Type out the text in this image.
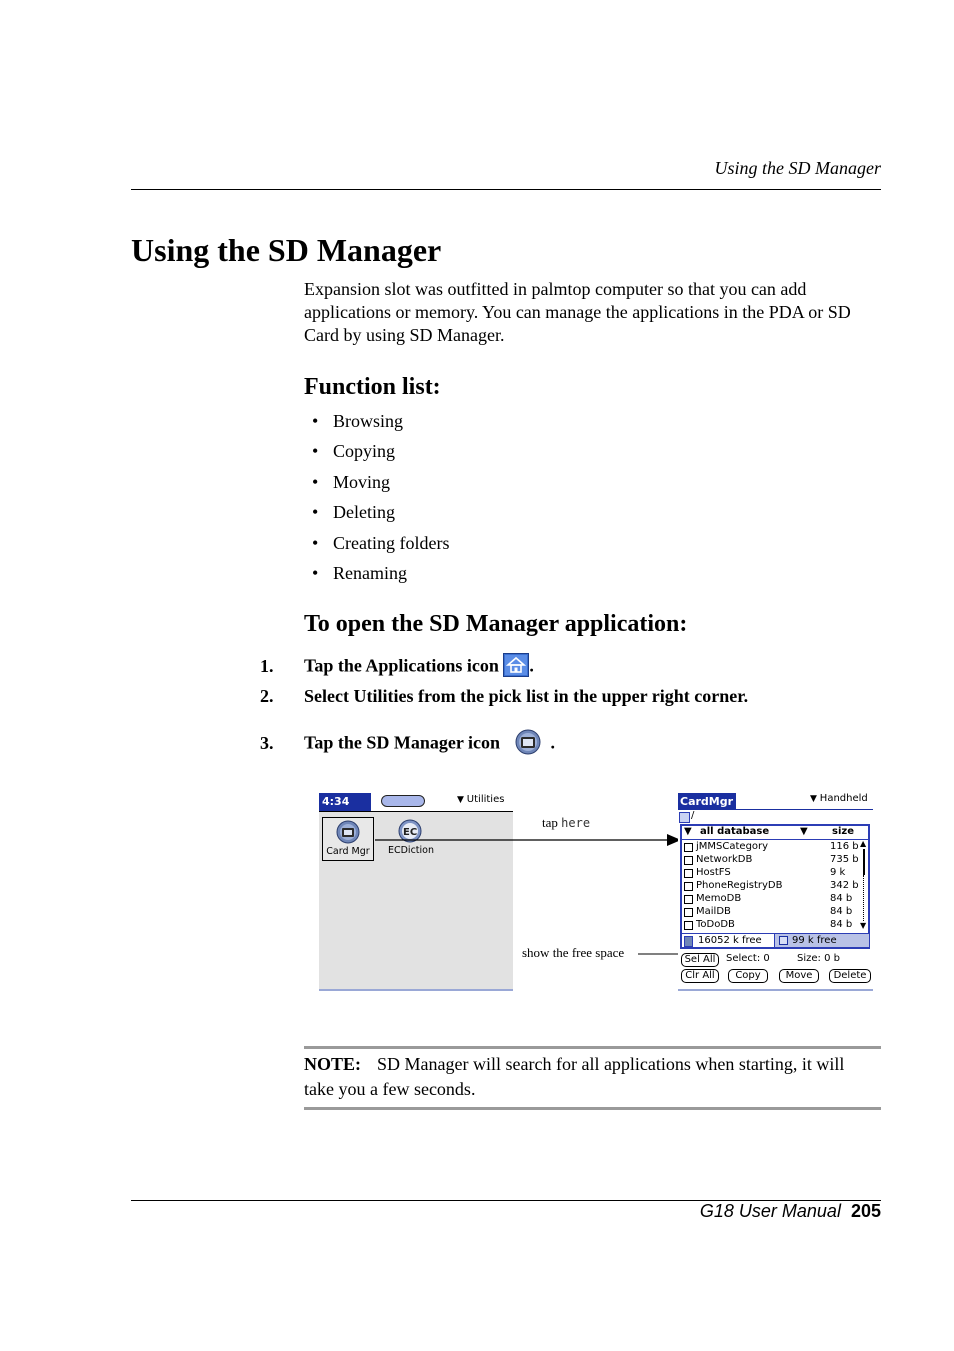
Using the SD Manager
Using the SD Manager

Expansion slot was outfitted in palmtop computer so that you can add applications or memory. You can manage the applications in the PDA or SD Card by using SD Manager.

Function list:
• Browsing
• Copying
• Moving
• Deleting
• Creating folders
• Renaming
To open the SD Manager application:
1. Tap the Applications icon .
2. Select Utilities from the pick list in the upper right corner.
3. Tap the SD Manager icon	.
4:34	▼ Utilities
Card Mgr
EC
ECDiction
tap here
show the free space
CardMgr	▼ Handheld
/
▼ all database	▼ size
jMMSCategory	116 b
NetworkDB	735 b
HostFS	9 k
PhoneRegistryDB	342 b
MemoDB	84 b
MailDB	84 b
ToDoDB	84 b
▲
▼
16052 k free	99 k free
Sel All	Select: 0	Size: 0 b
Clr All	Copy	Move	Delete

NOTE: SD Manager will search for all applications when starting, it will take you a few seconds.

G18 User Manual 205
